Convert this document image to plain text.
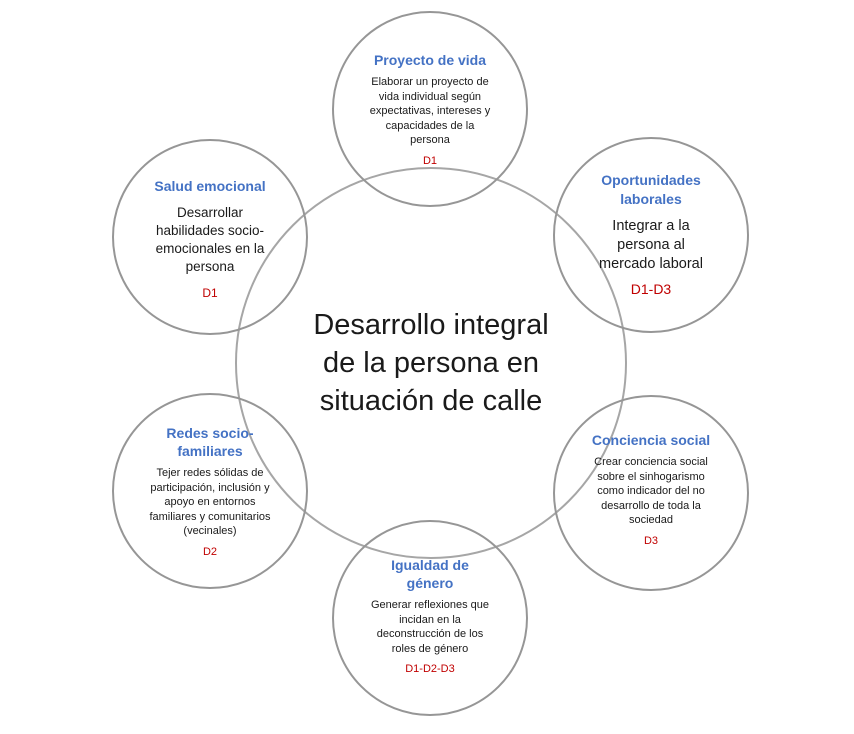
Desarrollo integral
de la persona en
situación de calle
Proyecto de vida
Elaborar un proyecto de
vida individual según
expectativas, intereses y
capacidades de la
persona
D1
Oportunidades
laborales
Integrar a la
persona al
mercado laboral
D1-D3
Conciencia social
Crear conciencia social
sobre el sinhogarismo
como indicador del no
desarrollo de toda la
sociedad
D3
Igualdad de
género
Generar reflexiones que
incidan en la
deconstrucción de los
roles de género
D1-D2-D3
Redes socio-
familiares
Tejer redes sólidas de
participación, inclusión y
apoyo en entornos
familiares y comunitarios
(vecinales)
D2
Salud emocional
Desarrollar
habilidades socio-
emocionales en la
persona
D1
